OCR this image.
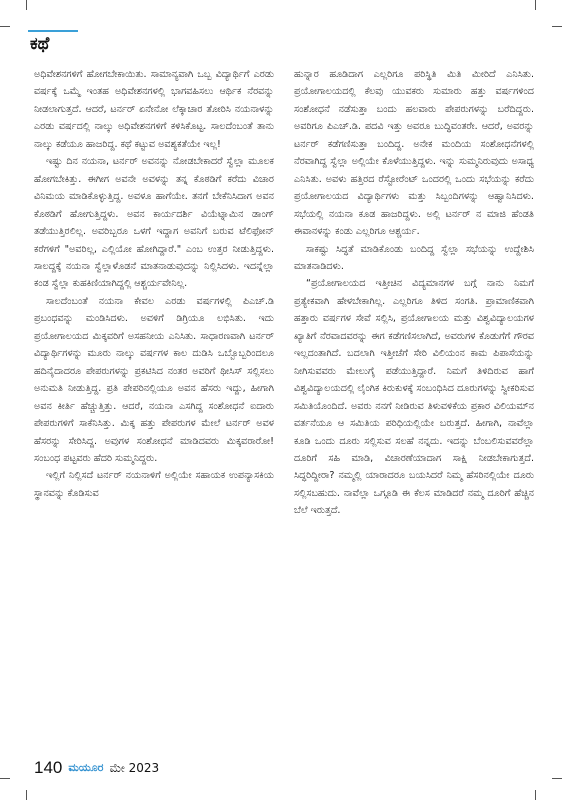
ಕಥೆ

ಅಧಿವೇಶನಗಳಿಗೆ ಹೋಗಬೇಕಾಯಿತು. ಸಾಮಾನ್ಯವಾಗಿ ಒಬ್ಬ ವಿದ್ಯಾರ್ಥಿಗೆ ಎರಡು ವರ್ಷಕ್ಕೆ ಒಮ್ಮೆ ಇಂತಹ ಅಧಿವೇಶನಗಳಲ್ಲಿ ಭಾಗವಹಿಸಲು ಆರ್ಥಿಕ ನೆರವನ್ನು ನೀಡಲಾಗುತ್ತದೆ. ಆದರೆ, ಟರ್ನರ್ ಏನೇನೋ ಲೆಕ್ಕಾಚಾರ ತೋರಿಸಿ ನಯನಾಳನ್ನು ಎರಡು ವರ್ಷದಲ್ಲಿ ನಾಲ್ಕು ಅಧಿವೇಶನಗಳಿಗೆ ಕಳಿಸಿಕೊಟ್ಟ. ಸಾಲದೆಂಬಂತೆ ತಾನು ನಾಲ್ಕು ಕಡೆಯೂ ಹಾಜರಿದ್ದ. ಕಥೆ ಕಟ್ಟುವ ಅವಶ್ಯಕತೆಯೇ ಇಲ್ಲ!

ಇಷ್ಟು ದಿನ ನಯನಾ, ಟರ್ನರ್ ಅವನನ್ನು ನೋಡಬೇಕಾದರೆ ಸ್ವೆಲ್ಲಾ ಮೂಲಕ ಹೋಗಬೇಕಿತ್ತು. ಈಗೀಗ ಅವನೇ ಅವಳನ್ನು ತನ್ನ ಕೊಠಡಿಗೆ ಕರೆದು ವಿಚಾರ ವಿನಿಮಯ ಮಾಡಿಕೊಳ್ಳುತ್ತಿದ್ದ. ಅವಳೂ ಹಾಗೆಯೇ. ತನಗೆ ಬೇಕೆನಿಸಿದಾಗ ಅವನ ಕೊಠಡಿಗೆ ಹೋಗುತ್ತಿದ್ದಳು. ಅವನ ಕಾರ್ಯದರ್ಶಿ ವಿಯೆಟ್ನಾಮಿನ ಡಾಂಗ್ ತಡೆಯುತ್ತಿರಲಿಲ್ಲ. ಅವರಿಬ್ಬರೂ ಒಳಗೆ ಇದ್ದಾಗ ಅವನಿಗೆ ಬರುವ ಟೆಲಿಫೋನ್ ಕರೆಗಳಿಗೆ "ಅವರಿಲ್ಲ, ಎಲ್ಲಿಯೋ ಹೋಗಿದ್ದಾರೆ." ಎಂಬ ಉತ್ತರ ನೀಡುತ್ತಿದ್ದಳು. ಸಾಲದ್ದಕ್ಕೆ ನಯನಾ ಸ್ವೆಲ್ಲಾಳೊಡನೆ ಮಾತನಾಡುವುದನ್ನು ನಿಲ್ಲಿಸಿದಳು. ಇದನ್ನೆಲ್ಲಾ ಕಂಡ ಸ್ವೆಲ್ಲಾ ಕುಹಕಿಣಿಯಾಗಿದ್ದಲ್ಲಿ ಆಶ್ಚರ್ಯವೇನಿಲ್ಲ.

ಸಾಲದೆಂಬಂತೆ ನಯನಾ ಕೇವಲ ಎರಡು ವರ್ಷಗಳಲ್ಲಿ ಪಿಎಚ್.ಡಿ ಪ್ರಬಂಧವನ್ನು ಮಂಡಿಸಿದಳು. ಅವಳಿಗೆ ಡಿಗ್ರಿಯೂ ಲಭಿಸಿತು. ಇದು ಪ್ರಯೋಗಾಲಯದ ಮಿಕ್ಕವರಿಗೆ ಅಸಹನೀಯ ಎನಿಸಿತು. ಸಾಧಾರಣವಾಗಿ ಟರ್ನರ್ ವಿದ್ಯಾರ್ಥಿಗಳನ್ನು ಮೂರು ನಾಲ್ಕು ವರ್ಷಗಳ ಕಾಲ ದುಡಿಸಿ ಒಬ್ಬೊಬ್ಬರಿಂದಲೂ ಹದಿನೈದಾದರೂ ಪೇಪರುಗಳನ್ನು ಪ್ರಕಟಿಸಿದ ನಂತರ ಅವರಿಗೆ ಥೀಸಿಸ್ ಸಲ್ಲಿಸಲು ಅನುಮತಿ ನೀಡುತ್ತಿದ್ದ. ಪ್ರತಿ ಪೇಪರಿನಲ್ಲಿಯೂ ಅವನ ಹೆಸರು ಇದ್ದು, ಹೀಗಾಗಿ ಅವನ ಕೀರ್ತಿ ಹೆಚ್ಚುತ್ತಿತ್ತು. ಆದರೆ, ನಯನಾ ಎಸಗಿದ್ದ ಸಂಶೋಧನೆ ಐದಾರು ಪೇಪರುಗಳಿಗೆ ಸಾಕೆನಿಸಿತ್ತು. ಮಿಕ್ಕ ಹತ್ತು ಪೇಪರುಗಳ ಮೇಲೆ ಟರ್ನರ್ ಅವಳ ಹೆಸರನ್ನು ಸೇರಿಸಿದ್ದ. ಅವುಗಳ ಸಂಶೋಧನೆ ಮಾಡಿದವರು ಮಿಕ್ಕವರಾರೋ! ಸಂಬಂಧ ಪಟ್ಟವರು ಹೆದರಿ ಸುಮ್ಮನಿದ್ದರು.

ಇಲ್ಲಿಗೆ ನಿಲ್ಲಿಸದೆ ಟರ್ನರ್ ನಯನಾಳಿಗೆ ಅಲ್ಲಿಯೇ ಸಹಾಯಕ ಉಪನ್ಯಾಸಕಿಯ ಸ್ಥಾನವನ್ನು ಕೊಡಿಸುವ

ಹುನ್ನಾರ ಹೂಡಿದಾಗ ಎಲ್ಲರಿಗೂ ಪರಿಸ್ಥಿತಿ ಮಿತಿ ಮೀರಿದೆ ಎನಿಸಿತು. ಪ್ರಯೋಗಾಲಯದಲ್ಲಿ ಕೆಲವು ಯುವಕರು ಸುಮಾರು ಹತ್ತು ವರ್ಷಗಳಿಂದ ಸಂಶೋಧನೆ ನಡೆಸುತ್ತಾ ಬಂದು ಹಲವಾರು ಪೇಪರುಗಳನ್ನು ಬರೆದಿದ್ದರು. ಅವರಿಗೂ ಪಿಎಚ್.ಡಿ. ಪದವಿ ಇತ್ತು ಅವರೂ ಬುದ್ಧಿವಂತರೇ. ಆದರೆ, ಅವರನ್ನು ಟರ್ನರ್ ಕಡೆಗಣಿಸುತ್ತಾ ಬಂದಿದ್ದ. ಅನೇಕ ಮಂದಿಯ ಸಂಶೋಧನೆಗಳಲ್ಲಿ ನೆರವಾಗಿದ್ದ ಸ್ವೆಲ್ಲಾ ಅಲ್ಲಿಯೇ ಕೊಳೆಯುತ್ತಿದ್ದಳು. ಇನ್ನು ಸುಮ್ಮನಿರುವುದು ಅಸಾಧ್ಯ ಎನಿಸಿತು. ಅವಳು ಹತ್ತಿರದ ರೆಸ್ಟೋರೆಂಟ್ ಒಂದರಲ್ಲಿ ಒಂದು ಸಭೆಯನ್ನು ಕರೆದು ಪ್ರಯೋಗಾಲಯದ ವಿದ್ಯಾರ್ಥಿಗಳು ಮತ್ತು ಸಿಬ್ಬಂದಿಗಳನ್ನು ಆಹ್ವಾನಿಸಿದಳು. ಸಭೆಯಲ್ಲಿ ನಯನಾ ಕೂಡ ಹಾಜರಿದ್ದಳು. ಅಲ್ಲಿ ಟರ್ನರ್ ನ ಮಾಜಿ ಹೆಂಡತಿ ಈವಾನಳನ್ನು ಕಂಡು ಎಲ್ಲರಿಗೂ ಆಶ್ಚರ್ಯ.

ಸಾಕಷ್ಟು ಸಿದ್ಧತೆ ಮಾಡಿಕೊಂಡು ಬಂದಿದ್ದ ಸ್ವೆಲ್ಲಾ ಸಭೆಯನ್ನು ಉದ್ದೇಶಿಸಿ ಮಾತನಾಡಿದಳು.

“ಪ್ರಯೋಗಾಲಯದ ಇತ್ತೀಚಿನ ವಿದ್ಯಮಾನಗಳ ಬಗ್ಗೆ ನಾನು ನಿಮಗೆ ಪ್ರತ್ಯೇಕವಾಗಿ ಹೇಳಬೇಕಾಗಿಲ್ಲ. ಎಲ್ಲರಿಗೂ ತಿಳಿದ ಸಂಗತಿ. ಪ್ರಾಮಾಣಿಕವಾಗಿ ಹತ್ತಾರು ವರ್ಷಗಳ ಸೇವೆ ಸಲ್ಲಿಸಿ, ಪ್ರಯೋಗಾಲಯ ಮತ್ತು ವಿಶ್ವವಿದ್ಯಾಲಯಗಳ ಖ್ಯಾತಿಗೆ ನೆರವಾದವರನ್ನು ಈಗ ಕಡೆಗಣಿಸಲಾಗಿದೆ, ಅವರುಗಳ ಕೊಡುಗೆಗೆ ಗೌರವ ಇಲ್ಲದಂತಾಗಿದೆ. ಬದಲಾಗಿ ಇತ್ತೀಚೆಗೆ ಸೇರಿ ವಿಲಿಯಂನ ಕಾಮ ಪಿಪಾಸೆಯನ್ನು ನೀಗಿಸುವವರು ಮೇಲುಗೈ ಪಡೆಯುತ್ತಿದ್ದಾರೆ. ನಿಮಗೆ ತಿಳಿದಿರುವ ಹಾಗೆ ವಿಶ್ವವಿದ್ಯಾಲಯದಲ್ಲಿ ಲೈಂಗಿಕ ಕಿರುಕುಳಕ್ಕೆ ಸಂಬಂಧಿಸಿದ ದೂರುಗಳನ್ನು ಸ್ವೀಕರಿಸುವ ಸಮಿತಿಯೊಂದಿದೆ. ಅವರು ನನಗೆ ನೀಡಿರುವ ತಿಳುವಳಿಕೆಯ ಪ್ರಕಾರ ವಿಲಿಯಮ್‌ನ ವರ್ತನೆಯೂ ಆ ಸಮಿತಿಯ ಪರಿಧಿಯಲ್ಲಿಯೇ ಬರುತ್ತದೆ. ಹೀಗಾಗಿ, ನಾವೆಲ್ಲಾ ಕೂಡಿ ಒಂದು ದೂರು ಸಲ್ಲಿಸುವ ಸಲಹೆ ನನ್ನದು. ಇದನ್ನು ಬೆಂಬಲಿಸುವವರೆಲ್ಲಾ ದೂರಿಗೆ ಸಹಿ ಮಾಡಿ, ವಿಚಾರಣೆಯಾದಾಗ ಸಾಕ್ಷಿ ನೀಡಬೇಕಾಗುತ್ತದೆ. ಸಿದ್ಧರಿದ್ದೀರಾ? ನಮ್ಮಲ್ಲಿ ಯಾರಾದರೂ ಬಯಸಿದರೆ ನಿಮ್ಮ ಹೆಸರಿನಲ್ಲಿಯೇ ದೂರು ಸಲ್ಲಿಸಬಹುದು. ನಾವೆಲ್ಲಾ ಒಗ್ಗೂಡಿ ಈ ಕೆಲಸ ಮಾಡಿದರೆ ನಮ್ಮ ದೂರಿಗೆ ಹೆಚ್ಚಿನ ಬೆಲೆ ಇರುತ್ತದೆ.

140 ಮಯೂರ ಮೇ 2023
